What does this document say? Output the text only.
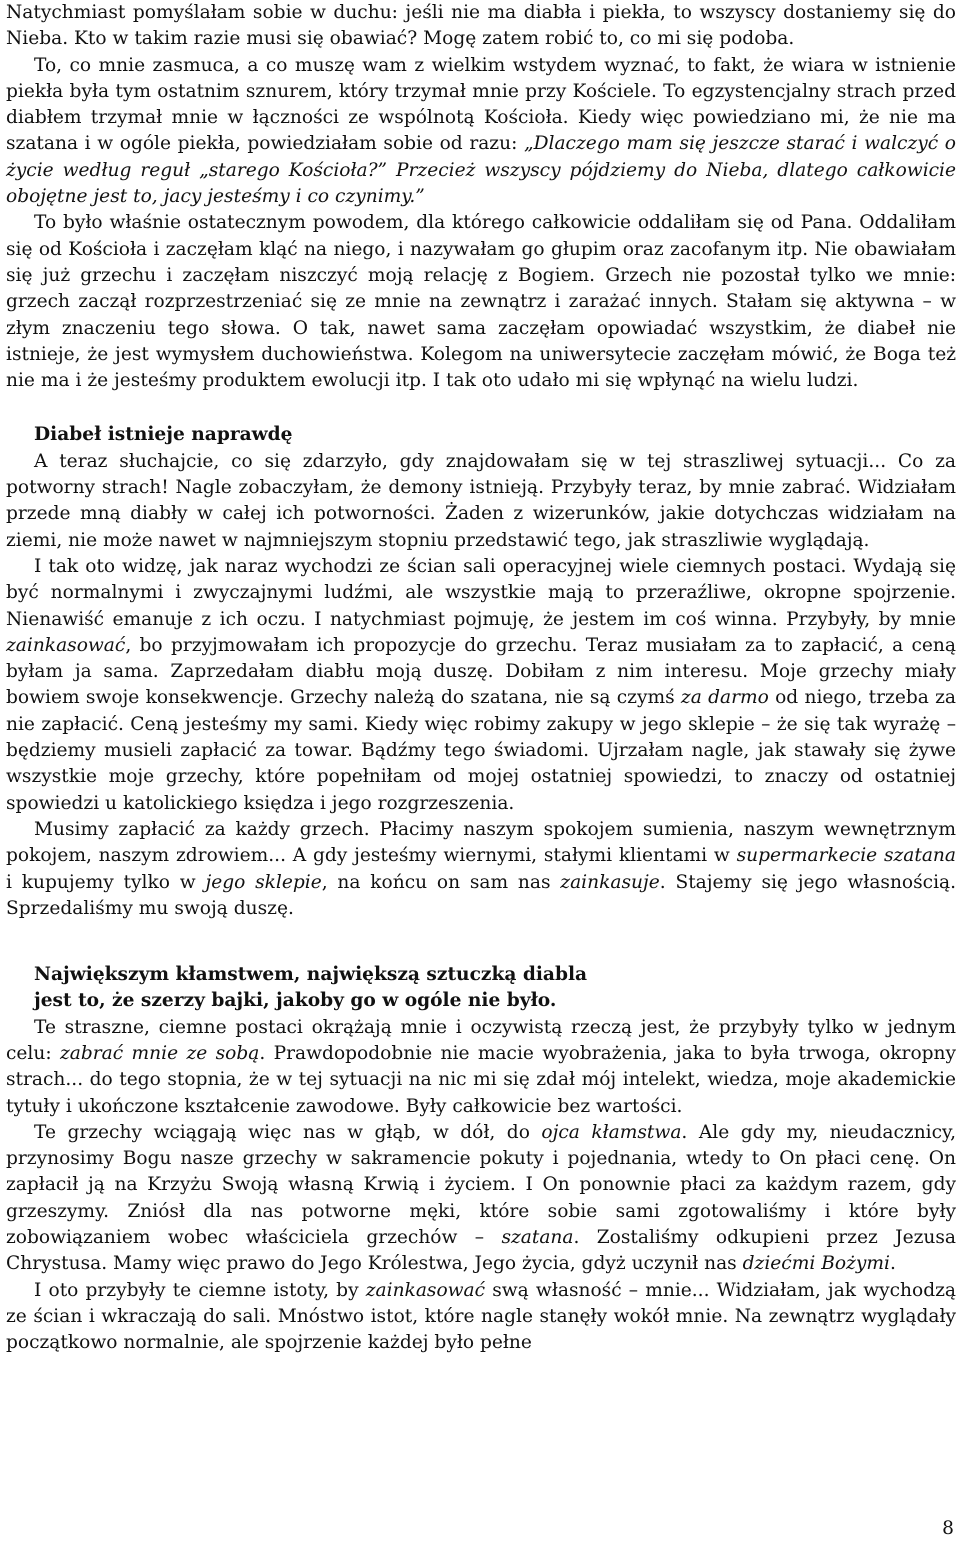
Natychmiast pomyślałam sobie w duchu: jeśli nie ma diabła i piekła, to wszyscy dostaniemy się do Nieba. Kto w takim razie musi się obawiać? Mogę zatem robić to, co mi się podoba.

To, co mnie zasmuca, a co muszę wam z wielkim wstydem wyznać, to fakt, że wiara w istnienie piekła była tym ostatnim sznurem, który trzymał mnie przy Kościele. To egzystencjalny strach przed diabłem trzymał mnie w łączności ze wspólnotą Kościoła. Kiedy więc powiedziano mi, że nie ma szatana i w ogóle piekła, powiedziałam sobie od razu: „Dlaczego mam się jeszcze starać i walczyć o życie według reguł „starego Kościoła?” Przecież wszyscy pójdziemy do Nieba, dlatego całkowicie obojętne jest to, jacy jesteśmy i co czynimy.”

To było właśnie ostatecznym powodem, dla którego całkowicie oddaliłam się od Pana. Oddaliłam się od Kościoła i zaczęłam kląć na niego, i nazywałam go głupim oraz zacofanym itp. Nie obawiałam się już grzechu i zaczęłam niszczyć moją relację z Bogiem. Grzech nie pozostał tylko we mnie: grzech zaczął rozprzestrzeniać się ze mnie na zewnątrz i zarażać innych. Stałam się aktywna – w złym znaczeniu tego słowa. O tak, nawet sama zaczęłam opowiadać wszystkim, że diabeł nie istnieje, że jest wymysłem duchowieństwa. Kolegom na uniwersytecie zaczęłam mówić, że Boga też nie ma i że jesteśmy produktem ewolucji itp. I tak oto udało mi się wpłynąć na wielu ludzi.

Diabeł istnieje naprawdę

A teraz słuchajcie, co się zdarzyło, gdy znajdowałam się w tej straszliwej sytuacji... Co za potworny strach! Nagle zobaczyłam, że demony istnieją. Przybyły teraz, by mnie zabrać. Widziałam przede mną diabły w całej ich potworności. Żaden z wizerunków, jakie dotychczas widziałam na ziemi, nie może nawet w najmniejszym stopniu przedstawić tego, jak straszliwie wyglądają.

I tak oto widzę, jak naraz wychodzi ze ścian sali operacyjnej wiele ciemnych postaci. Wydają się być normalnymi i zwyczajnymi ludźmi, ale wszystkie mają to przeraźliwe, okropne spojrzenie. Nienawiść emanuje z ich oczu. I natychmiast pojmuję, że jestem im coś winna. Przybyły, by mnie zainkasować, bo przyjmowałam ich propozycje do grzechu. Teraz musiałam za to zapłacić, a ceną byłam ja sama. Zaprzedałam diabłu moją duszę. Dobiłam z nim interesu. Moje grzechy miały bowiem swoje konsekwencje. Grzechy należą do szatana, nie są czymś za darmo od niego, trzeba za nie zapłacić. Ceną jesteśmy my sami. Kiedy więc robimy zakupy w jego sklepie – że się tak wyrażę – będziemy musieli zapłacić za towar. Bądźmy tego świadomi. Ujrzałam nagle, jak stawały się żywe wszystkie moje grzechy, które popełniłam od mojej ostatniej spowiedzi, to znaczy od ostatniej spowiedzi u katolickiego księdza i jego rozgrzeszenia.

Musimy zapłacić za każdy grzech. Płacimy naszym spokojem sumienia, naszym wewnętrznym pokojem, naszym zdrowiem... A gdy jesteśmy wiernymi, stałymi klientami w supermarkecie szatana i kupujemy tylko w jego sklepie, na końcu on sam nas zainkasuje. Stajemy się jego własnością. Sprzedaliśmy mu swoją duszę.

Największym kłamstwem, największą sztuczką diabla
jest to, że szerzy bajki, jakoby go w ogóle nie było.

Te straszne, ciemne postaci okrążają mnie i oczywistą rzeczą jest, że przybyły tylko w jednym celu: zabrać mnie ze sobą. Prawdopodobnie nie macie wyobrażenia, jaka to była trwoga, okropny strach... do tego stopnia, że w tej sytuacji na nic mi się zdał mój intelekt, wiedza, moje akademickie tytuły i ukończone kształcenie zawodowe. Były całkowicie bez wartości.

Te grzechy wciągają więc nas w głąb, w dół, do ojca kłamstwa. Ale gdy my, nieudacznicy, przynosimy Bogu nasze grzechy w sakramencie pokuty i pojednania, wtedy to On płaci cenę. On zapłacił ją na Krzyżu Swoją własną Krwią i życiem. I On ponownie płaci za każdym razem, gdy grzeszymy. Zniósł dla nas potworne męki, które sobie sami zgotowaliśmy i które były zobowiązaniem wobec właściciela grzechów – szatana. Zostaliśmy odkupieni przez Jezusa Chrystusa. Mamy więc prawo do Jego Królestwa, Jego życia, gdyż uczynił nas dziećmi Bożymi.

I oto przybyły te ciemne istoty, by zainkasować swą własność – mnie... Widziałam, jak wychodzą ze ścian i wkraczają do sali. Mnóstwo istot, które nagle stanęły wokół mnie. Na zewnątrz wyglądały początkowo normalnie, ale spojrzenie każdej było pełne

8
